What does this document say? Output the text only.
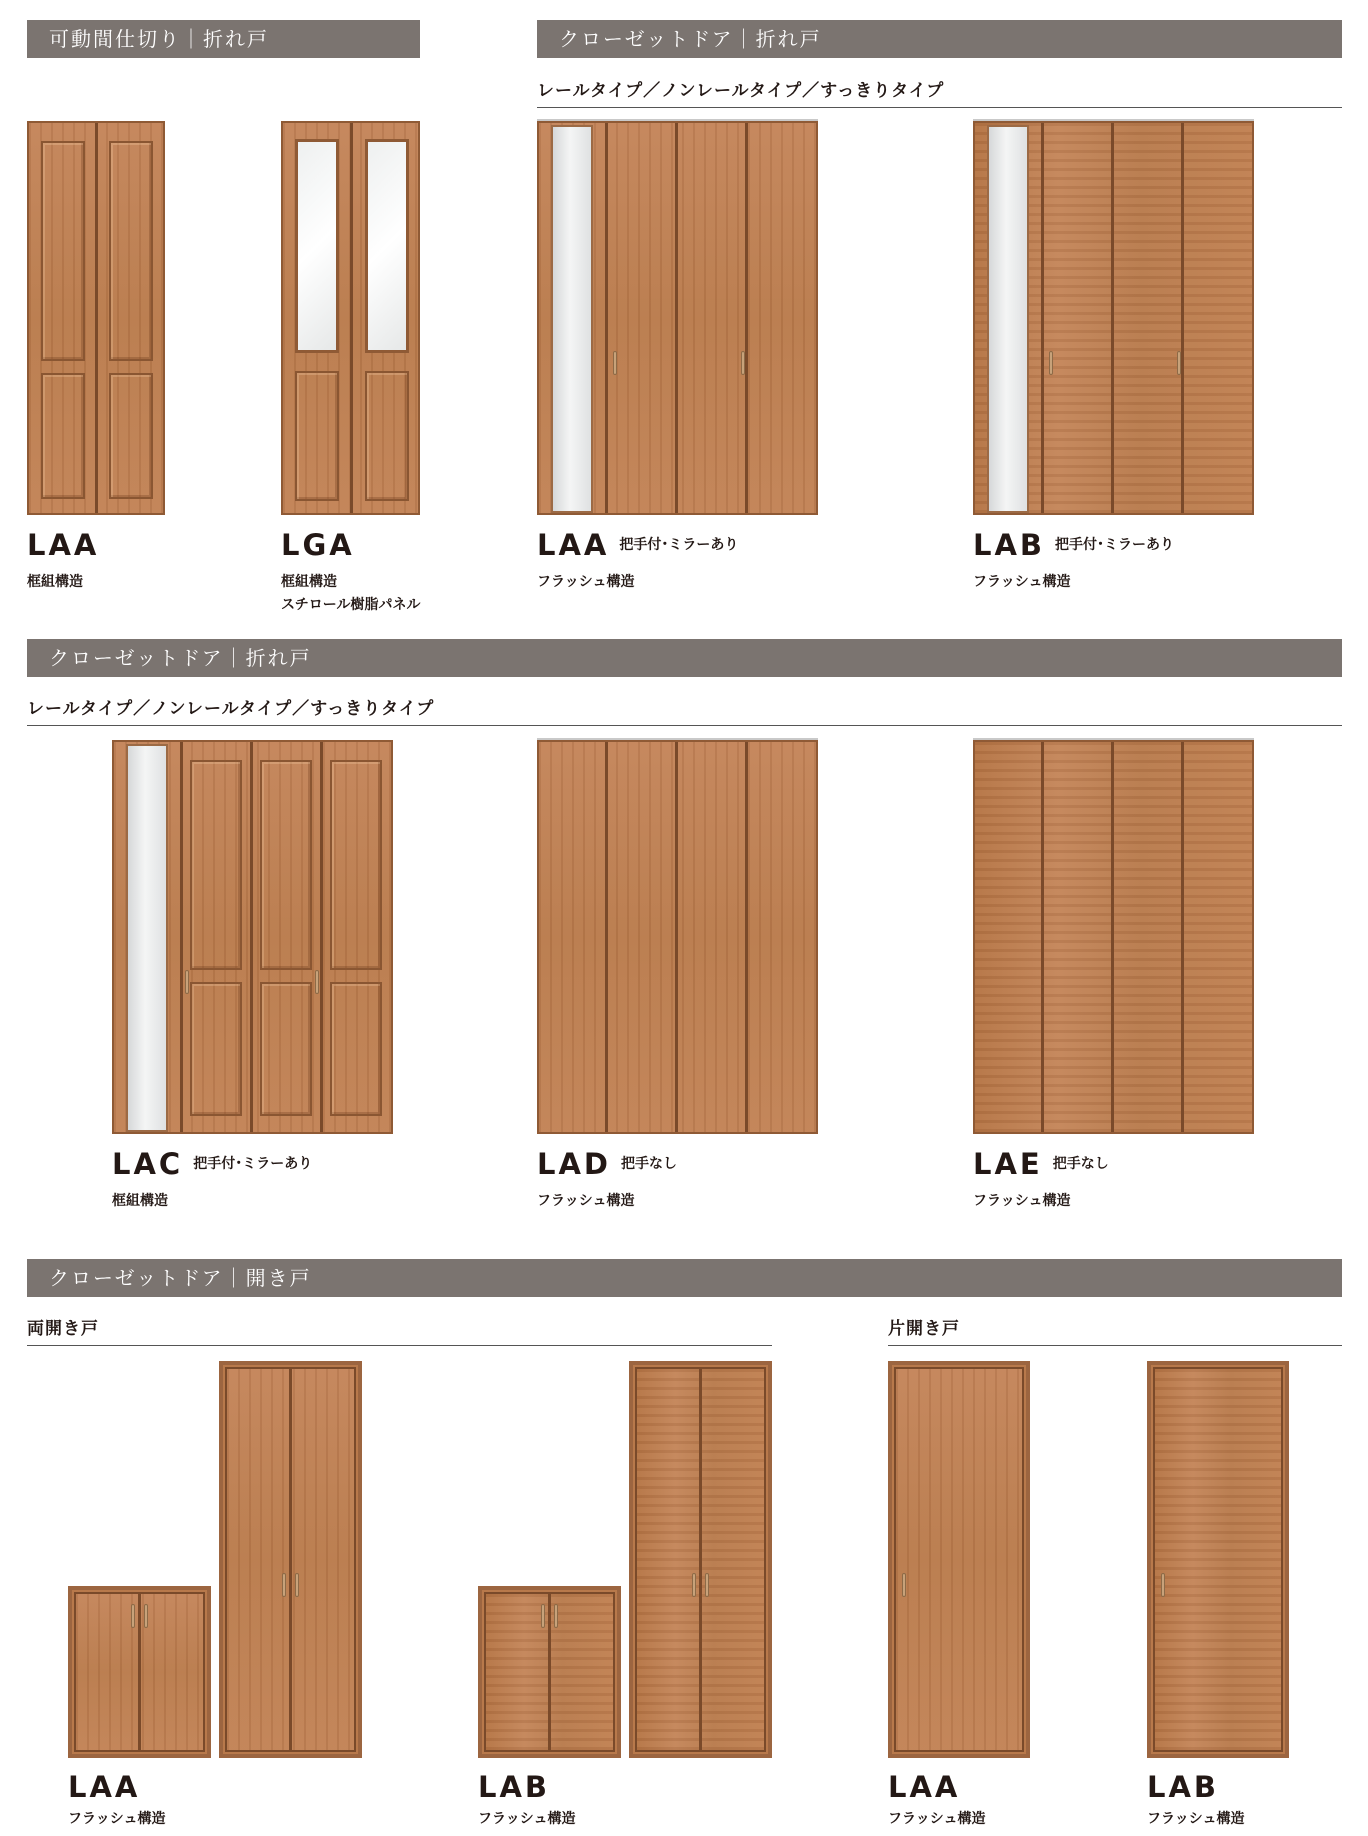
可動間仕切り｜折れ戸	クローゼットドア｜折れ戸
レールタイプ／ノンレールタイプ／すっきりタイプ
LAA
框組構造
LGA
框組構造
スチロール樹脂パネル
LAA 把手付･ミラーあり
フラッシュ構造
LAB 把手付･ミラーあり
フラッシュ構造
クローゼットドア｜折れ戸
レールタイプ／ノンレールタイプ／すっきりタイプ
LAC 把手付･ミラーあり
框組構造
LAD 把手なし
フラッシュ構造
LAE 把手なし
フラッシュ構造
クローゼットドア｜開き戸
両開き戸	片開き戸
LAA
フラッシュ構造
LAB
フラッシュ構造
LAA
フラッシュ構造
LAB
フラッシュ構造
